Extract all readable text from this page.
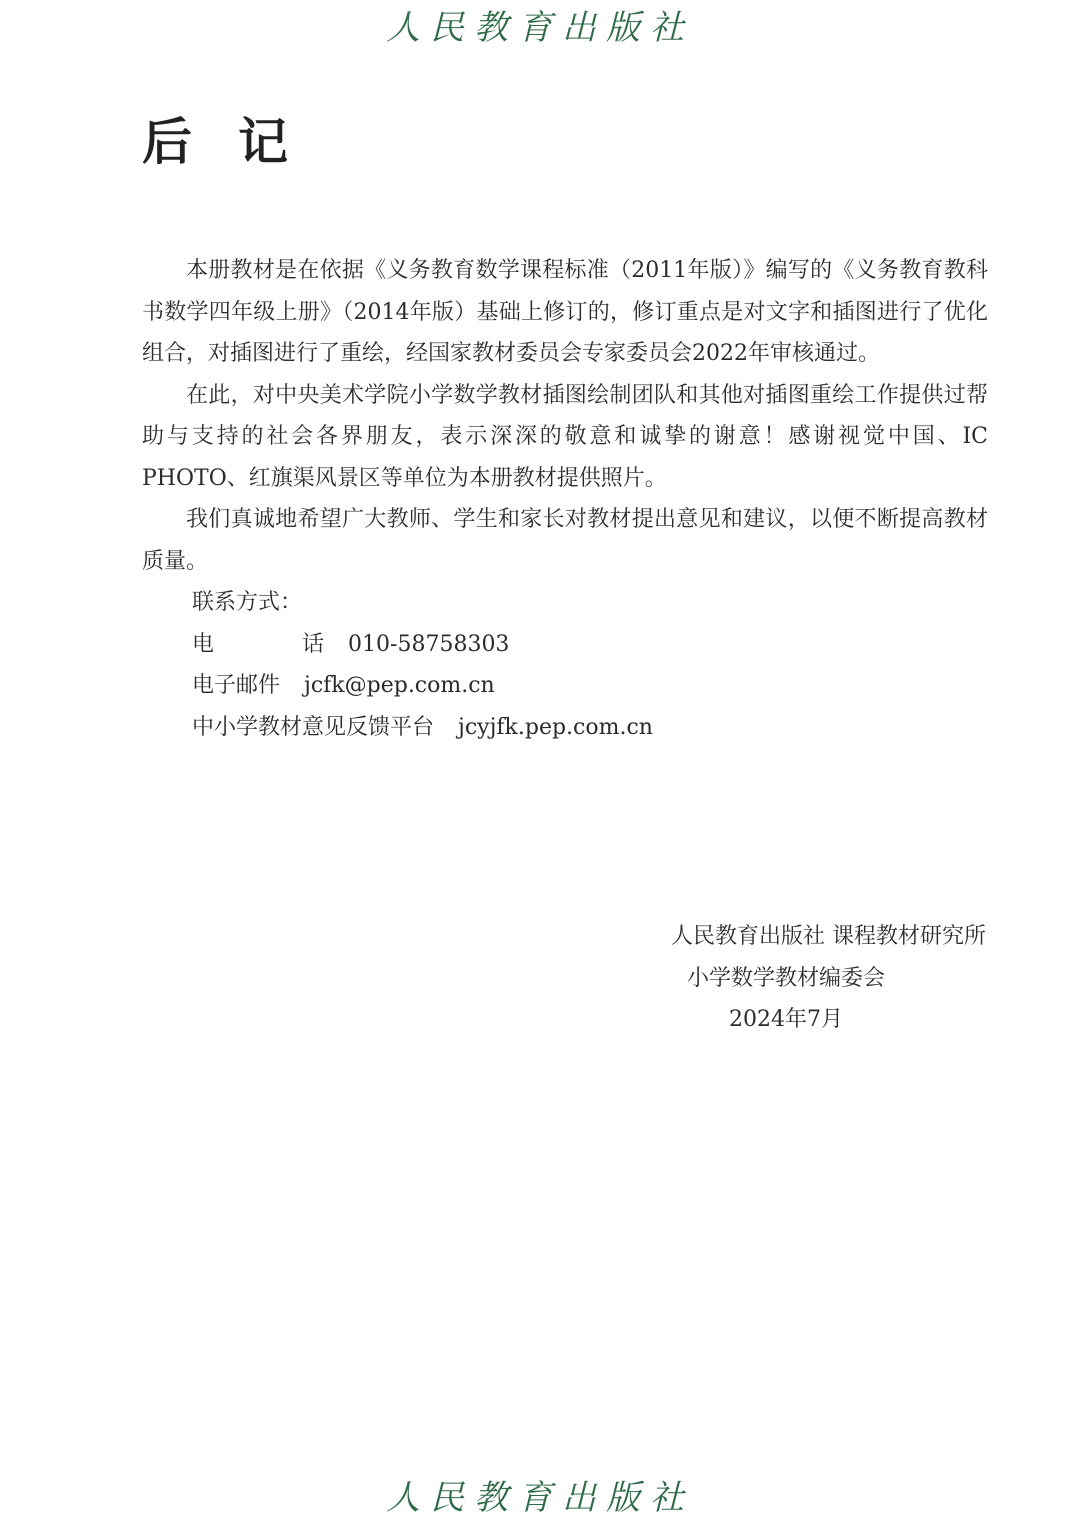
人民教育出版社
后记

本册教材是在依据《义务教育数学课程标准（2011年版）》编写的《义务教育教科书数学四年级上册》（2014年版）基础上修订的，修订重点是对文字和插图进行了优化组合，对插图进行了重绘，经国家教材委员会专家委员会2022年审核通过。

在此，对中央美术学院小学数学教材插图绘制团队和其他对插图重绘工作提供过帮助与支持的社会各界朋友，表示深深的敬意和诚挚的谢意！感谢视觉中国、IC PHOTO、红旗渠风景区等单位为本册教材提供照片。

我们真诚地希望广大教师、学生和家长对教材提出意见和建议，以便不断提高教材质量。

联系方式：

电	话 010-58758303

电子邮件 jcfk@pep.com.cn

中小学教材意见反馈平台 jcyjfk.pep.com.cn

人民教育出版社 课程教材研究所
小学数学教材编委会
2024年7月
人民教育出版社
